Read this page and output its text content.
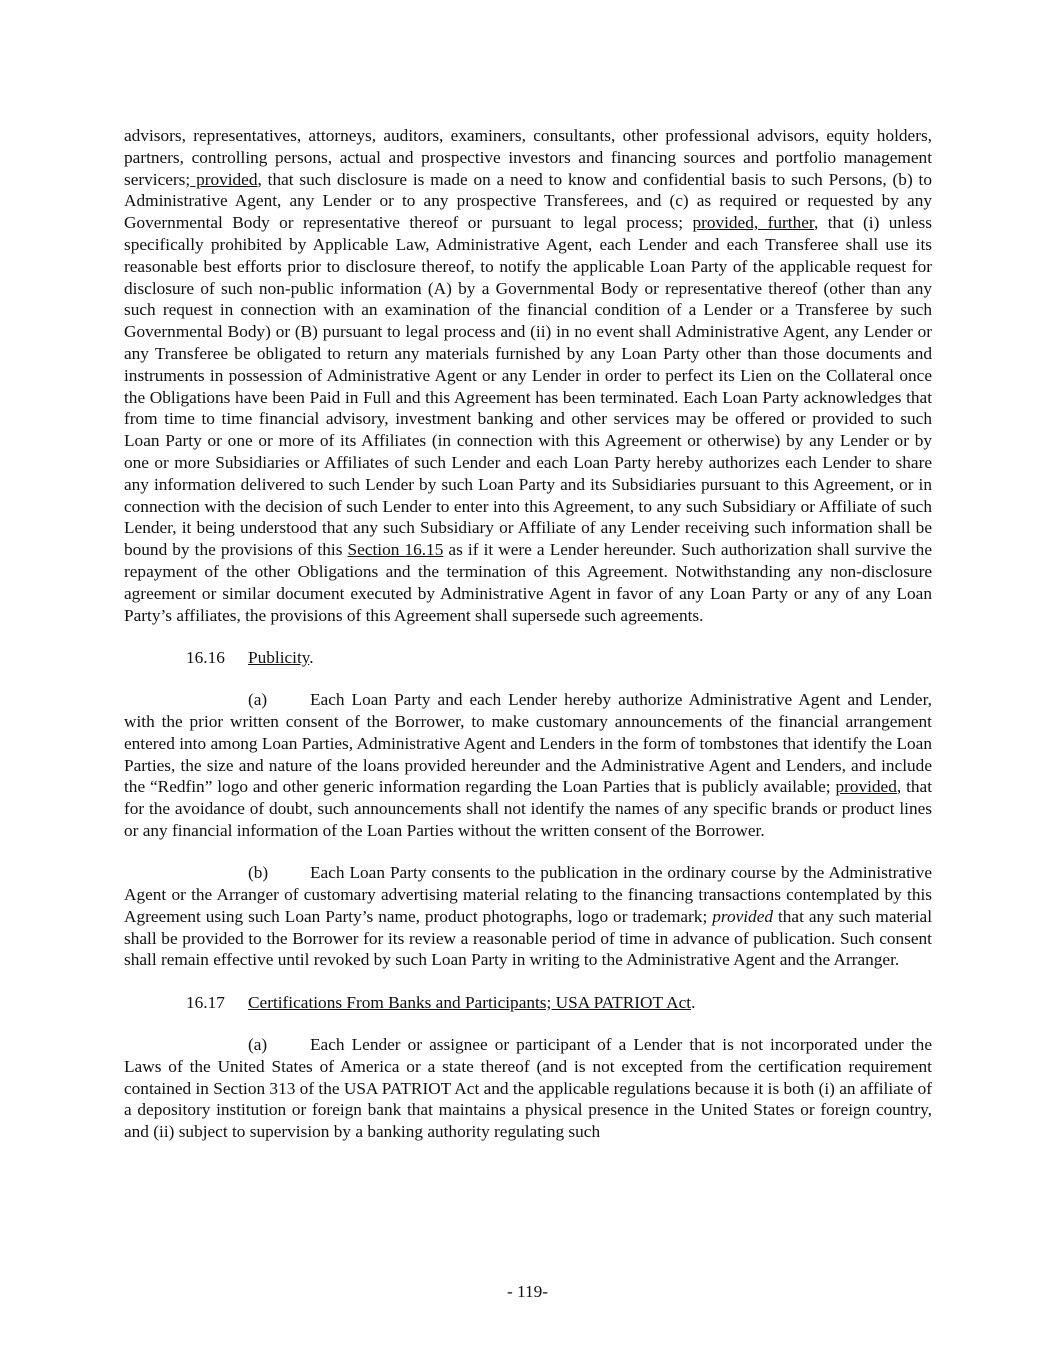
advisors, representatives, attorneys, auditors, examiners, consultants, other professional advisors, equity holders, partners, controlling persons, actual and prospective investors and financing sources and portfolio management servicers; provided, that such disclosure is made on a need to know and confidential basis to such Persons, (b) to Administrative Agent, any Lender or to any prospective Transferees, and (c) as required or requested by any Governmental Body or representative thereof or pursuant to legal process; provided, further, that (i) unless specifically prohibited by Applicable Law, Administrative Agent, each Lender and each Transferee shall use its reasonable best efforts prior to disclosure thereof, to notify the applicable Loan Party of the applicable request for disclosure of such non-public information (A) by a Governmental Body or representative thereof (other than any such request in connection with an examination of the financial condition of a Lender or a Transferee by such Governmental Body) or (B) pursuant to legal process and (ii) in no event shall Administrative Agent, any Lender or any Transferee be obligated to return any materials furnished by any Loan Party other than those documents and instruments in possession of Administrative Agent or any Lender in order to perfect its Lien on the Collateral once the Obligations have been Paid in Full and this Agreement has been terminated. Each Loan Party acknowledges that from time to time financial advisory, investment banking and other services may be offered or provided to such Loan Party or one or more of its Affiliates (in connection with this Agreement or otherwise) by any Lender or by one or more Subsidiaries or Affiliates of such Lender and each Loan Party hereby authorizes each Lender to share any information delivered to such Lender by such Loan Party and its Subsidiaries pursuant to this Agreement, or in connection with the decision of such Lender to enter into this Agreement, to any such Subsidiary or Affiliate of such Lender, it being understood that any such Subsidiary or Affiliate of any Lender receiving such information shall be bound by the provisions of this Section 16.15 as if it were a Lender hereunder. Such authorization shall survive the repayment of the other Obligations and the termination of this Agreement. Notwithstanding any non-disclosure agreement or similar document executed by Administrative Agent in favor of any Loan Party or any of any Loan Party’s affiliates, the provisions of this Agreement shall supersede such agreements.

16.16 Publicity.

(a) Each Loan Party and each Lender hereby authorize Administrative Agent and Lender, with the prior written consent of the Borrower, to make customary announcements of the financial arrangement entered into among Loan Parties, Administrative Agent and Lenders in the form of tombstones that identify the Loan Parties, the size and nature of the loans provided hereunder and the Administrative Agent and Lenders, and include the “Redfin” logo and other generic information regarding the Loan Parties that is publicly available; provided, that for the avoidance of doubt, such announcements shall not identify the names of any specific brands or product lines or any financial information of the Loan Parties without the written consent of the Borrower.

(b) Each Loan Party consents to the publication in the ordinary course by the Administrative Agent or the Arranger of customary advertising material relating to the financing transactions contemplated by this Agreement using such Loan Party’s name, product photographs, logo or trademark; provided that any such material shall be provided to the Borrower for its review a reasonable period of time in advance of publication. Such consent shall remain effective until revoked by such Loan Party in writing to the Administrative Agent and the Arranger.

16.17 Certifications From Banks and Participants; USA PATRIOT Act.

(a) Each Lender or assignee or participant of a Lender that is not incorporated under the Laws of the United States of America or a state thereof (and is not excepted from the certification requirement contained in Section 313 of the USA PATRIOT Act and the applicable regulations because it is both (i) an affiliate of a depository institution or foreign bank that maintains a physical presence in the United States or foreign country, and (ii) subject to supervision by a banking authority regulating such

- 119-
